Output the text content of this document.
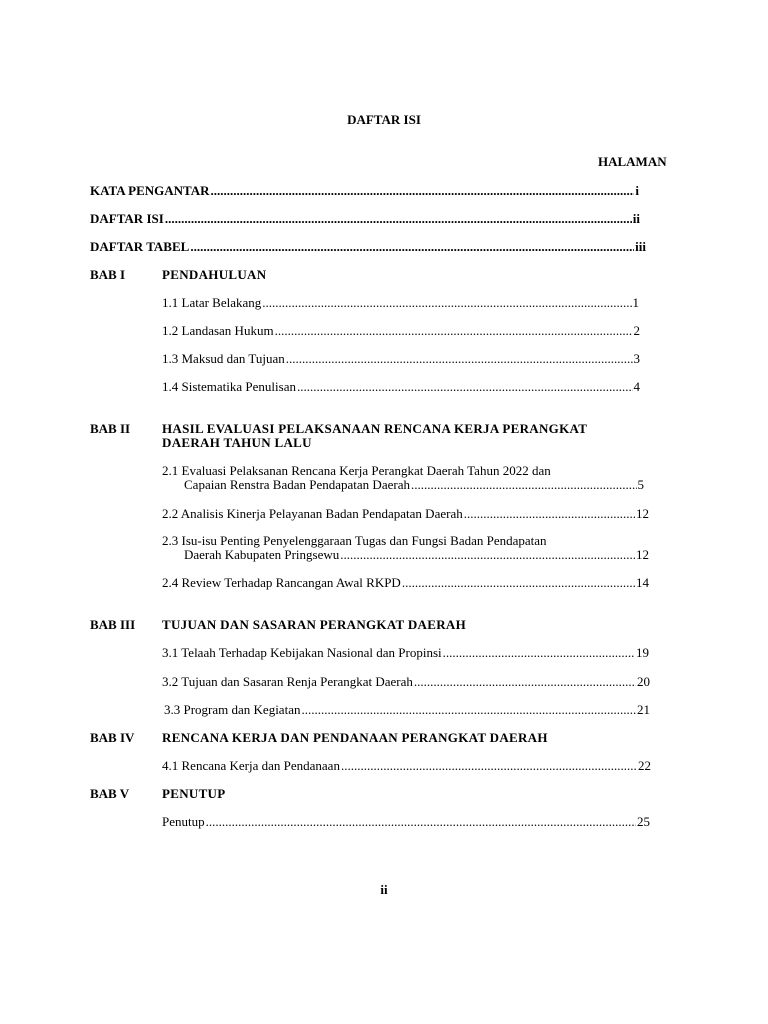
DAFTAR ISI
HALAMAN
KATA PENGANTAR .....	i
DAFTAR ISI .....	ii
DAFTAR TABEL .....	iii
BAB I	PENDAHULUAN
1.1 Latar Belakang .....	1
1.2 Landasan Hukum .....	2
1.3 Maksud dan Tujuan .....	3
1.4 Sistematika Penulisan .....	4
BAB II HASIL EVALUASI PELAKSANAAN RENCANA KERJA PERANGKAT
DAERAH TAHUN LALU
2.1 Evaluasi Pelaksanan Rencana Kerja Perangkat Daerah Tahun 2022 dan
Capaian Renstra Badan Pendapatan Daerah .....	5
2.2 Analisis Kinerja Pelayanan Badan Pendapatan Daerah .....	12
2.3 Isu-isu Penting Penyelenggaraan Tugas dan Fungsi Badan Pendapatan
Daerah Kabupaten Pringsewu .....	12
2.4 Review Terhadap Rancangan Awal RKPD .....	14
BAB III TUJUAN DAN SASARAN PERANGKAT DAERAH
3.1 Telaah Terhadap Kebijakan Nasional dan Propinsi .....	19
3.2 Tujuan dan Sasaran Renja Perangkat Daerah .....	20
3.3 Program dan Kegiatan .....	21
BAB IV RENCANA KERJA DAN PENDANAAN PERANGKAT DAERAH
4.1 Rencana Kerja dan Pendanaan .....	22
BAB V	PENUTUP
Penutup .....	25
ii
